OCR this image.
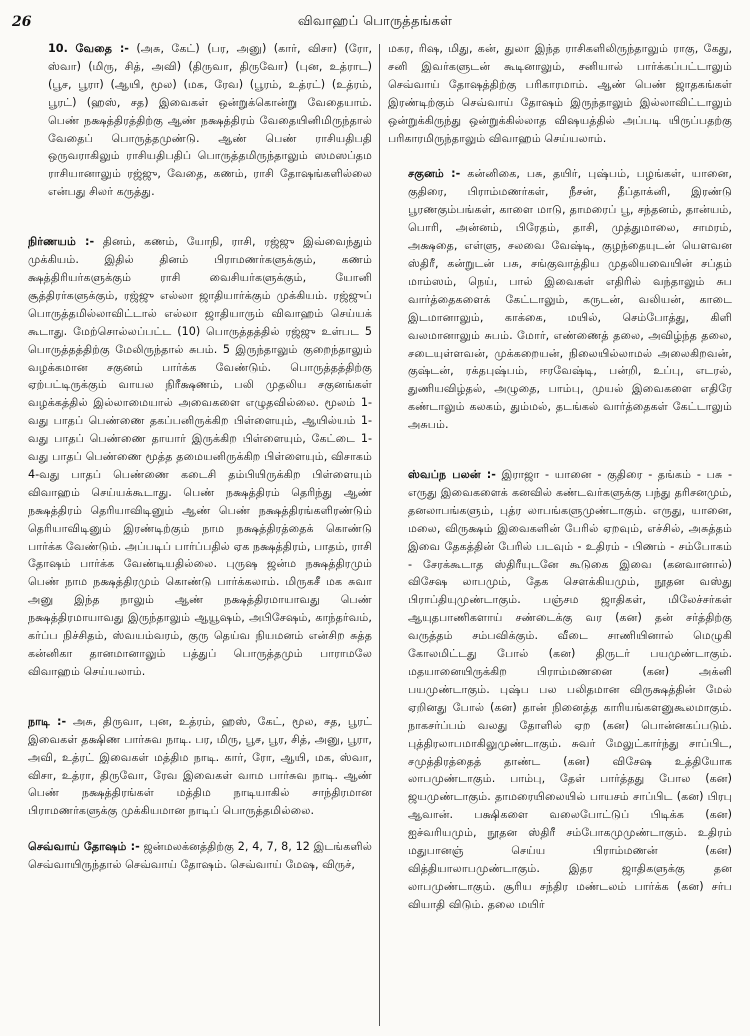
26	விவாஹப் பொருத்தங்கள்

10. வேதை :- (அசு, கேட்) (பர, அனு) (கார், விசா) (ரோ, ஸ்வா) (மிரு, சித், அவி) (திருவா, திருவோ) (புன, உத்ராட) (பூச, பூரா) (ஆயி, மூல) (மக, ரேவ) (பூரம், உத்ரட்) (உத்ரம், பூரட்) (ஹஸ், சத) இவைகள் ஒன்றுக்கொன்று வேதையாம். பெண் நக்ஷத்திரத்திற்கு ஆண் நக்ஷத்திரம் வேதையினிமிருந்தால் வேதைப் பொருத்தமுண்டு. ஆண் பெண் ராசியதிபதி ஒருவராகிலும் ராசியதிபதிப் பொருத்தமிருந்தாலும் ஸமஸப்தம ராசியானாலும் ரஜ்ஜு, வேதை, கணம், ராசி தோஷங்களில்லை என்பது சிலர் கருத்து.

நிர்ணயம் :- தினம், கணம், யோநி, ராசி, ரஜ்ஜு இவ்வைந்தும் முக்கியம். இதில் தினம் பிராமணர்களுக்கும், கணம் க்ஷத்திரியர்களுக்கும் ராசி வைசியர்களுக்கும், யோனி சூத்திரர்களுக்கும், ரஜ்ஜு எல்லா ஜாதியார்க்கும் முக்கியம். ரஜ்ஜுப் பொருத்தமில்லாவிட்டால் எல்லா ஜாதியாரும் விவாஹம் செய்யக் கூடாது. மேற்சொல்லப்பட்ட (10) பொருத்தத்தில் ரஜ்ஜு உள்பட 5 பொருத்தத்திற்கு மேலிருந்தால் சுபம். 5 இருந்தாலும் குறைந்தாலும் வழக்கமான சகுனம் பார்க்க வேண்டும். பொருத்தத்திற்கு ஏற்பட்டிருக்கும் வாயல நிரீக்ஷணம், பலி முதலிய சகுனங்கள் வழக்கத்தில் இல்லாமையால் அவைகளை எழுதவில்லை. மூலம் 1-வது பாதப் பெண்ணை தகப்பனிருக்கிற பிள்ளையும், ஆயில்யம் 1-வது பாதப் பெண்ணை தாயார் இருக்கிற பிள்ளையும், கேட்டை 1-வது பாதப் பெண்ணை மூத்த தமையனிருக்கிற பிள்ளையும், விசாகம் 4-வது பாதப் பெண்ணை கடைசி தம்பியிருக்கிற பிள்ளையும் விவாஹம் செய்யக்கூடாது. பெண் நக்ஷத்திரம் தெரிந்து ஆண் நக்ஷத்திரம் தெரியாவிடினும் ஆண் பெண் நக்ஷத்திரங்களிரண்டும் தெரியாவிடினும் இரண்டிற்கும் நாம நக்ஷத்திரத்தைக் கொண்டு பார்க்க வேண்டும். அப்படிப் பார்ப்பதில் ஏக நக்ஷத்திரம், பாதம், ராசி தோஷம் பார்க்க வேண்டியதில்லை. புருஷ ஜன்ம நக்ஷத்திரமும் பெண் நாம நக்ஷத்திரமும் கொண்டு பார்க்கலாம். மிருகசீ மக சுவா அனு இந்த நாலும் ஆண் நக்ஷத்திரமாயாவது பெண் நக்ஷத்திரமாயாவது இருந்தாலும் ஆயூஷம், அபிசேஷம், காந்தர்வம், கர்ப்ப நிச்சிதம், ஸ்வயம்வரம், குரு தெய்வ நியமனம் என்சிற சுத்த கன்னிகா தானமானாலும் பத்துப் பொருத்தமும் பாராமலே விவாஹம் செய்யலாம்.

நாடி :- அசு, திருவா, புன, உத்ரம், ஹஸ், கேட், மூல, சத, பூரட் இவைகள் தக்ஷிண பார்சுவ நாடி. பர, மிரு, பூச, பூர, சித், அனு, பூரா, அவி, உத்ரட் இவைகள் மத்திம நாடி. கார், ரோ, ஆயி, மக, ஸ்வா, விசா, உத்ரா, திருவோ, ரேவ இவைகள் வாம பார்சுவ நாடி. ஆண் பெண் நக்ஷத்திரங்கள் மத்திம நாடியாகில் சாந்திரமான பிராமணர்களுக்கு முக்கியமான நாடிப் பொருத்தமில்லை.

செவ்வாய் தோஷம் :- ஜன்மலக்னத்திற்கு 2, 4, 7, 8, 12 இடங்களில் செவ்வாயிருந்தால் செவ்வாய் தோஷம். செவ்வாய் மேஷ, விருச்,

மகர, ரிஷ, மிது, கன், துலா இந்த ராசிகளிலிருந்தாலும் ராகு, கேது, சனி இவர்களுடன் கூடினாலும், சனியால் பார்க்கப்பட்டாலும் செவ்வாய் தோஷத்திற்கு பரிகாரமாம். ஆண் பெண் ஜாதகங்கள் இரண்டிற்கும் செவ்வாய் தோஷம் இருந்தாலும் இல்லாவிட்டாலும் ஒன்றுக்கிருந்து ஒன்றுக்கில்லாத விஷயத்தில் அப்படி யிருப்பதற்கு பரிகாரமிருந்தாலும் விவாஹம் செய்யலாம்.

சகுனம் :- கன்னிகை, பசு, தயிர், புஷ்பம், பழங்கள், யானை, குதிரை, பிராம்மணர்கள், நீசன், தீப்தாக்னி, இரண்டு பூரணகும்பங்கள், காளை மாடு, தாமரைப் பூ, சந்தனம், தான்யம், பொரி, அன்னம், பிரேதம், தாசி, முத்துமாலை, சாமரம், அக்ஷதை, எள்ளு, சலவை வேஷ்டி, குழந்தையுடன் யௌவன ஸ்திரீ, கன்றுடன் பசு, சங்குவாத்திய முதலியவையின் சப்தம் மாம்ஸம், நெய், பால் இவைகள் எதிரில் வந்தாலும் சுப வார்த்தைகளைக் கேட்டாலும், கருடன், வலியன், காடை இடமானாலும், காக்கை, மயில், செம்போத்து, கிளி வலமானாலும் சுபம். மோர், எண்ணைத் தலை, அவிழ்ந்த தலை, சடையுள்ளவன், முக்கறையன், நிலையில்லாமல் அலைகிறவன், குஷ்டன், ரக்தபுஷ்பம், ஈரவேஷ்டி, பன்றி, உப்பு, எடரல், துணியவிழ்தல், அழுதை, பாம்பு, முயல் இவைகளை எதிரே கண்டாலும் கலகம், தும்மல், தடங்கல் வார்த்தைகள் கேட்டாலும் அசுபம்.

ஸ்வப்ந பலன் :- இராஜா - யானை - குதிரை - தங்கம் - பசு - எருது இவைகளைக் கனவில் கண்டவர்களுக்கு பந்து தரிசனமும், தனலாபங்களும், புத்ர லாபங்களுமுண்டாகும். எருது, யானை, மலை, விருக்ஷம் இவைகளின் பேரில் ஏறவும், எச்சில், அசுத்தம் இவை தேகத்தின் பேரில் படவும் - உதிரம் - பிணம் - சம்போகம் - சேரக்கூடாத ஸ்திரீயுடனே கூடுகை இவை (கனவானால்) விசேஷ லாபமும், தேக சௌக்கியமும், நூதன வஸ்து பிராப்தியுமுண்டாகும். பஞ்சம ஜாதிகள், மிலேச்சர்கள் ஆயுதபாணிகளாய் சண்டைக்கு வர (கன) தன் சர்த்திற்கு வருத்தம் சம்பவிக்கும். வீடை சாணியினால் மெழுகி கோலமிட்டது போல் (கன) திருடர் பயமுண்டாகும். மதயானையிருக்கிற பிராம்மணனை (கன) அக்னி பயமுண்டாகும். புஷ்ப பல பலிதமான விருக்ஷத்தின் மேல் ஏறினது போல் (கன) தான் நினைத்த காரியங்களனுகூலமாகும். நாகசர்ப்பம் வலது தோளில் ஏற (கன) பொன்னகப்படும். புத்திரலாபமாகிலுமுண்டாகும். சுவர் மேலுட்கார்ந்து சாப்பிட, சமுத்திரத்தைத் தாண்ட (கன) விசேஷ உத்தியோக லாபமுண்டாகும். பாம்பு, தேள் பார்த்தது போல (கன) ஜயமுண்டாகும். தாமரையிலையில் பாயசம் சாப்பிட (கன) பிரபு ஆவான். பக்ஷிகளை வலைபோட்டுப் பிடிக்க (கன) ஐச்வரியமும், நூதன ஸ்திரீ சம்போகமுமுண்டாகும். உதிரம் மதுபானஞ் செய்ய பிராம்மணன் (கன) வித்தியாலாபமுண்டாகும். இதர ஜாதிகளுக்கு தன லாபமுண்டாகும். சூரிய சந்திர மண்டலம் பார்க்க (கன) சர்ப வியாதி விடும். தலை மயிர்
